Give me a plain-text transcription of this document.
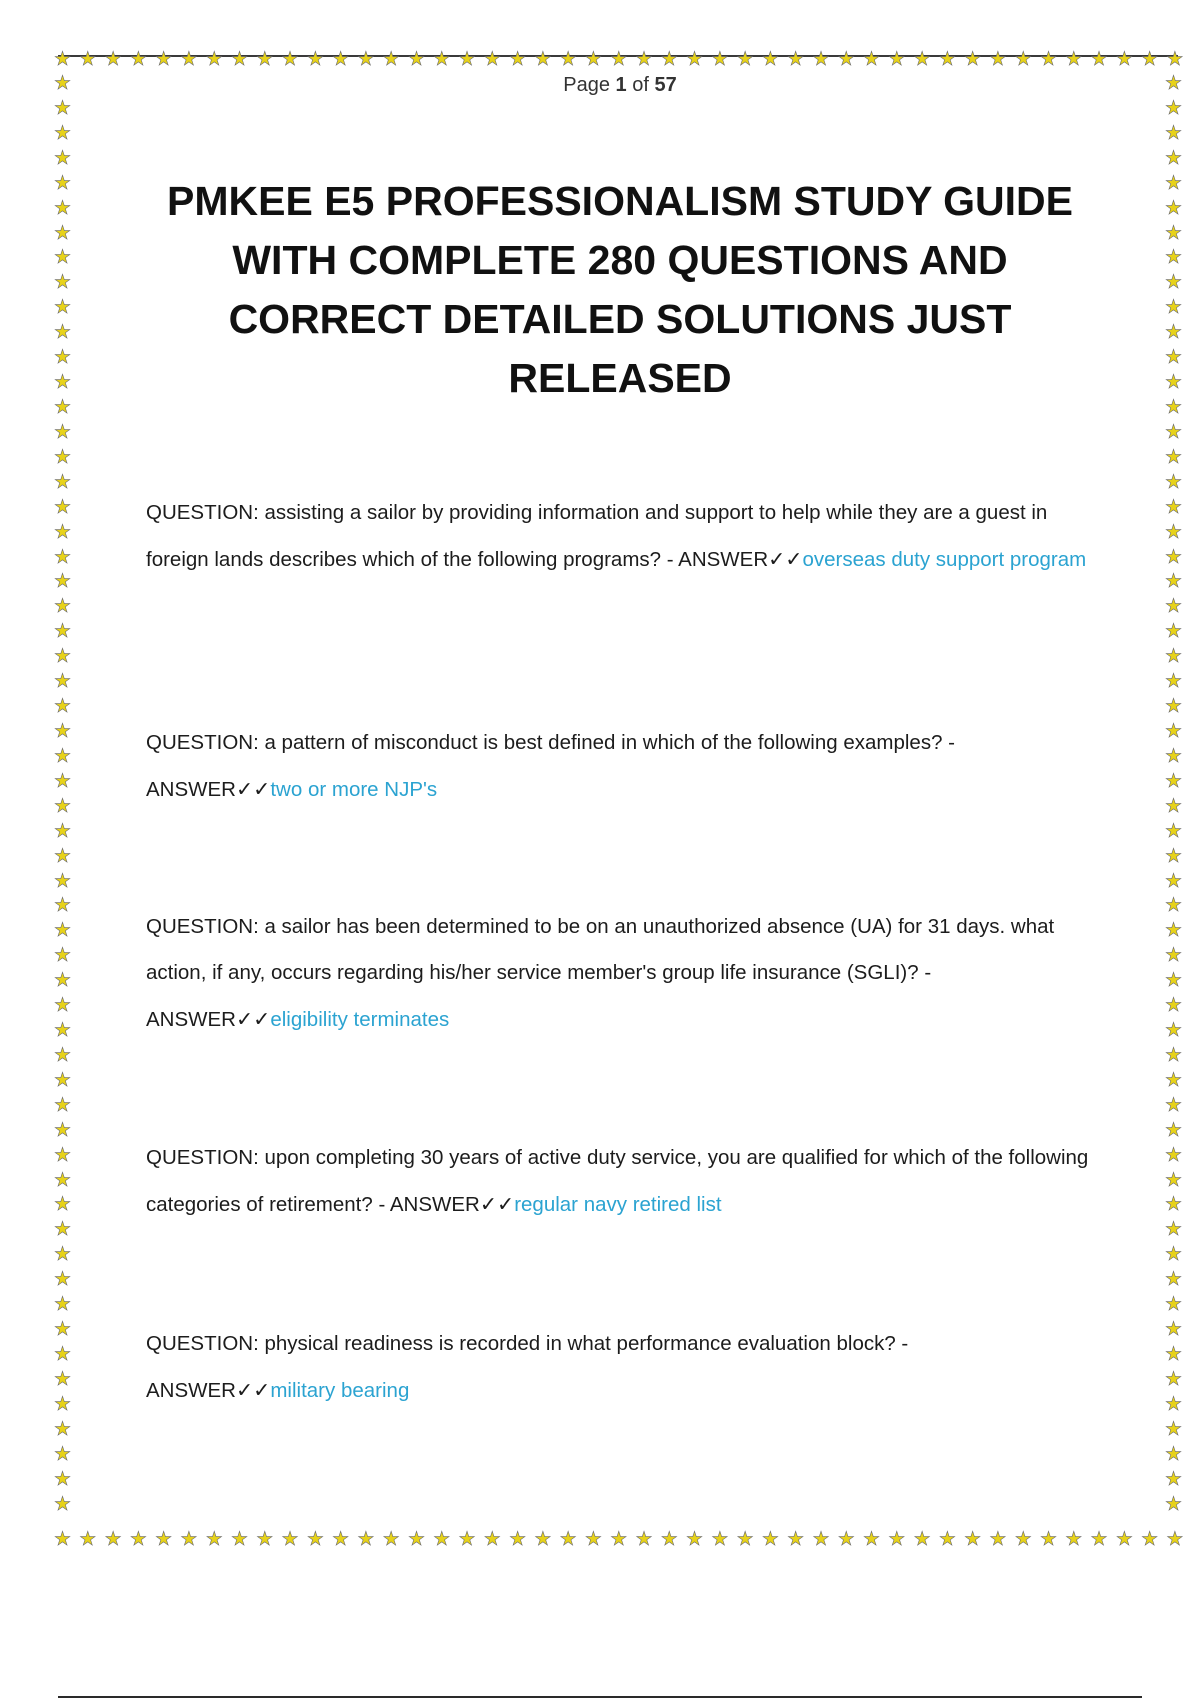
★ ★ ★ ★ ★ ★ ★ ★ ★ ★ ★ ★ ★ ★ ★ ★ ★ ★ ★ ★ ★ ★ ★ ★ ★ ★ ★ ★ ★ ★ ★ ★ ★ ★ ★ ★ ★ ★ ★ ★ ★ ★ ★ ★ ★
★ ★ ★ ★ ★ ★ ★ ★ ★ ★ ★ ★ ★ ★ ★ ★ ★ ★ ★ ★ ★ ★ ★ ★ ★ ★ ★ ★ ★ ★ ★ ★ ★ ★ ★ ★ ★ ★ ★ ★ ★ ★ ★ ★ ★
★
★
★
★
★
★
★
★
★
★
★
★
★
★
★
★
★
★
★
★
★
★
★
★
★
★
★
★
★
★
★
★
★
★
★
★
★
★
★
★
★
★
★
★
★
★
★
★
★
★
★
★
★
★
★
★
★
★
★
★
★
★
★
★
★
★
★
★
★
★
★
★
★
★
★
★
★
★
★
★
★
★
★
★
★
★
★
★
★
★
★
★
★
★
★
★
★
★
★
★
★
★
★
★
★
★
★
★
★
★
★
★
★
★
★
★
Page 1 of 57
PMKEE E5 PROFESSIONALISM STUDY GUIDE WITH COMPLETE 280 QUESTIONS AND CORRECT DETAILED SOLUTIONS JUST RELEASED
QUESTION: assisting a sailor by providing information and support to help while they are a guest in foreign lands describes which of the following programs? - ANSWER✓✓overseas duty support program
QUESTION: a pattern of misconduct is best defined in which of the following examples? - ANSWER✓✓two or more NJP's
QUESTION: a sailor has been determined to be on an unauthorized absence (UA) for 31 days. what action, if any, occurs regarding his/her service member's group life insurance (SGLI)? - ANSWER✓✓eligibility terminates
QUESTION: upon completing 30 years of active duty service, you are qualified for which of the following categories of retirement? - ANSWER✓✓regular navy retired list
QUESTION: physical readiness is recorded in what performance evaluation block? - ANSWER✓✓military bearing
